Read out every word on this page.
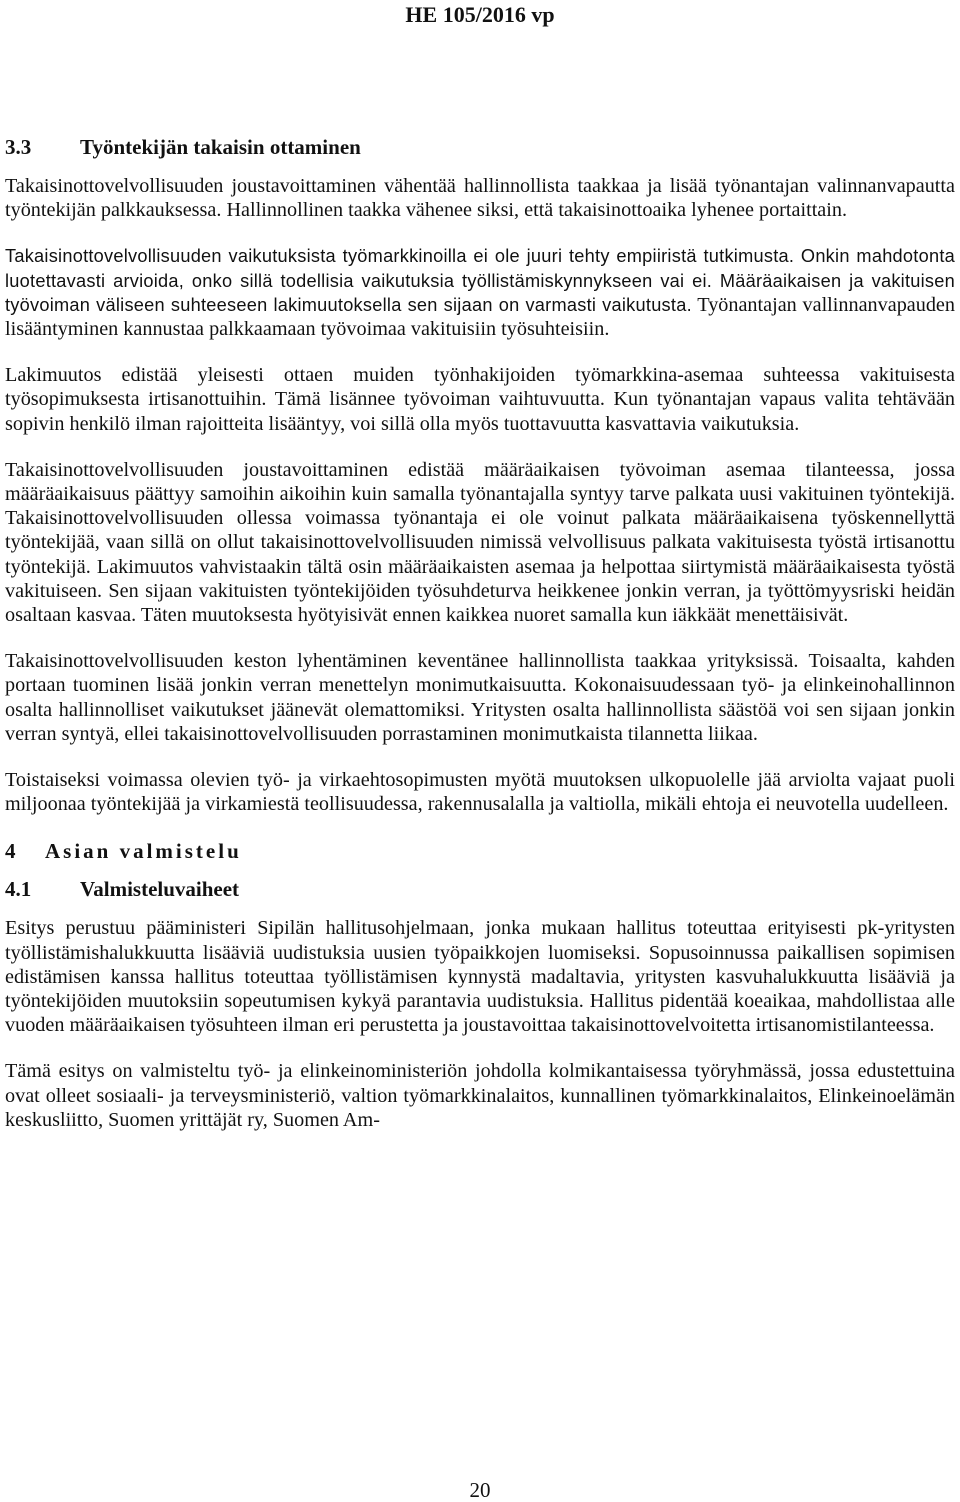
HE 105/2016 vp
3.3 Työntekijän takaisin ottaminen

Takaisinottovelvollisuuden joustavoittaminen vähentää hallinnollista taakkaa ja lisää työnantajan valinnanvapautta työntekijän palkkauksessa. Hallinnollinen taakka vähenee siksi, että takaisinottoaika lyhenee portaittain.

Takaisinottovelvollisuuden vaikutuksista työmarkkinoilla ei ole juuri tehty empiiristä tutkimusta. Onkin mahdotonta luotettavasti arvioida, onko sillä todellisia vaikutuksia työllistämiskynnykseen vai ei. Määräaikaisen ja vakituisen työvoiman väliseen suhteeseen lakimuutoksella sen sijaan on varmasti vaikutusta. Työnantajan vallinnanvapauden lisääntyminen kannustaa palkkaamaan työvoimaa vakituisiin työsuhteisiin.

Lakimuutos edistää yleisesti ottaen muiden työnhakijoiden työmarkkina-asemaa suhteessa vakituisesta työsopimuksesta irtisanottuihin. Tämä lisännee työvoiman vaihtuvuutta. Kun työnantajan vapaus valita tehtävään sopivin henkilö ilman rajoitteita lisääntyy, voi sillä olla myös tuottavuutta kasvattavia vaikutuksia.

Takaisinottovelvollisuuden joustavoittaminen edistää määräaikaisen työvoiman asemaa tilanteessa, jossa määräaikaisuus päättyy samoihin aikoihin kuin samalla työnantajalla syntyy tarve palkata uusi vakituinen työntekijä. Takaisinottovelvollisuuden ollessa voimassa työnantaja ei ole voinut palkata määräaikaisena työskennellyttä työntekijää, vaan sillä on ollut takaisinottovelvollisuuden nimissä velvollisuus palkata vakituisesta työstä irtisanottu työntekijä. Lakimuutos vahvistaakin tältä osin määräaikaisten asemaa ja helpottaa siirtymistä määräaikaisesta työstä vakituiseen. Sen sijaan vakituisten työntekijöiden työsuhdeturva heikkenee jonkin verran, ja työttömyysriski heidän osaltaan kasvaa. Täten muutoksesta hyötyisivät ennen kaikkea nuoret samalla kun iäkkäät menettäisivät.

Takaisinottovelvollisuuden keston lyhentäminen keventänee hallinnollista taakkaa yrityksissä. Toisaalta, kahden portaan tuominen lisää jonkin verran menettelyn monimutkaisuutta. Kokonaisuudessaan työ- ja elinkeinohallinnon osalta hallinnolliset vaikutukset jäänevät olemattomiksi. Yritysten osalta hallinnollista säästöä voi sen sijaan jonkin verran syntyä, ellei takaisinottovelvollisuuden porrastaminen monimutkaista tilannetta liikaa.

Toistaiseksi voimassa olevien työ- ja virkaehtosopimusten myötä muutoksen ulkopuolelle jää arviolta vajaat puoli miljoonaa työntekijää ja virkamiestä teollisuudessa, rakennusalalla ja valtiolla, mikäli ehtoja ei neuvotella uudelleen.

4 Asian valmistelu
4.1 Valmisteluvaiheet

Esitys perustuu pääministeri Sipilän hallitusohjelmaan, jonka mukaan hallitus toteuttaa erityisesti pk-yritysten työllistämishalukkuutta lisääviä uudistuksia uusien työpaikkojen luomiseksi. Sopusoinnussa paikallisen sopimisen edistämisen kanssa hallitus toteuttaa työllistämisen kynnystä madaltavia, yritysten kasvuhalukkuutta lisääviä ja työntekijöiden muutoksiin sopeutumisen kykyä parantavia uudistuksia. Hallitus pidentää koeaikaa, mahdollistaa alle vuoden määräaikaisen työsuhteen ilman eri perustetta ja joustavoittaa takaisinottovelvoitetta irtisanomistilanteessa.

Tämä esitys on valmisteltu työ- ja elinkeinoministeriön johdolla kolmikantaisessa työryhmässä, jossa edustettuina ovat olleet sosiaali- ja terveysministeriö, valtion työmarkkinalaitos, kunnallinen työmarkkinalaitos, Elinkeinoelämän keskusliitto, Suomen yrittäjät ry, Suomen Am-

20
